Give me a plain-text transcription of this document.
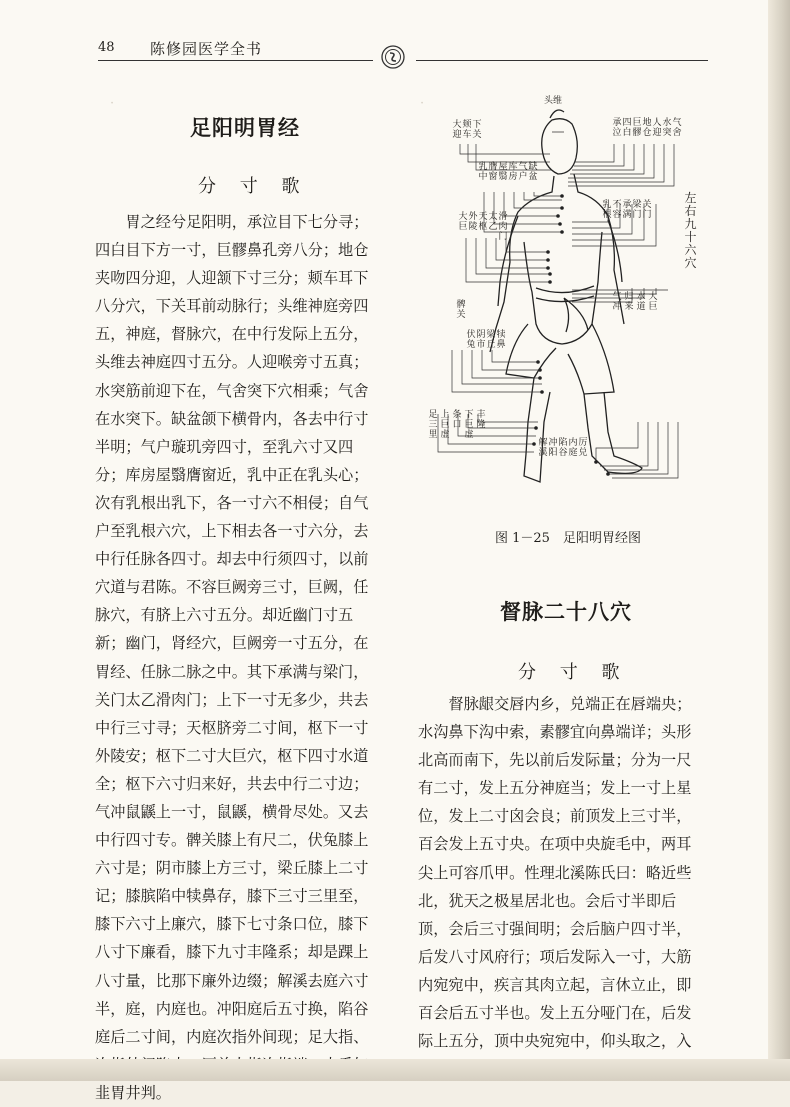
48 陈修园医学全书
·	·
足阳明胃经
分 寸 歌

胃之经兮足阳明，承泣目下七分寻；

四白目下方一寸，巨髎鼻孔旁八分；地仓

夹吻四分迎，人迎颔下寸三分；颊车耳下

八分穴，下关耳前动脉行；头维神庭旁四

五，神庭，督脉穴，在中行发际上五分，

头维去神庭四寸五分。人迎喉旁寸五真；

水突筋前迎下在，气舍突下穴相乘；气舍

在水突下。缺盆颌下横骨内，各去中行寸

半明；气户璇玑旁四寸，至乳六寸又四

分；库房屋翳膺窗近，乳中正在乳头心；

次有乳根出乳下，各一寸六不相侵；自气

户至乳根六穴，上下相去各一寸六分，去

中行任脉各四寸。却去中行须四寸，以前

穴道与君陈。不容巨阙旁三寸，巨阙，任

脉穴，有脐上六寸五分。却近幽门寸五

新；幽门，肾经穴，巨阙旁一寸五分，在

胃经、任脉二脉之中。其下承满与梁门，

关门太乙滑肉门；上下一寸无多少，共去

中行三寸寻；天枢脐旁二寸间，枢下一寸

外陵安；枢下二寸大巨穴，枢下四寸水道

全；枢下六寸归来好，共去中行二寸边；

气冲鼠鼷上一寸，鼠鼷，横骨尽处。又去

中行四寸专。髀关膝上有尺二，伏兔膝上

六寸是；阴市膝上方三寸，梁丘膝上二寸

记；膝膑陷中犊鼻存，膝下三寸三里至，

膝下六寸上廉穴，膝下七寸条口位，膝下

八寸下廉看，膝下九寸丰隆系；却是踝上

八寸量，比那下廉外边缀；解溪去庭六寸

半，庭，内庭也。冲阳庭后五寸换，陷谷

庭后二寸间，内庭次指外间现；足大指、

韭胃井判。

头维
大迎
颊车
下关
乳中
膺窗
屋翳
库房
气户
缺盆
大巨
外陵
天枢
太乙
滑肉门
髀关
伏兔
阴市
梁丘
犊鼻
足三里
上巨虚
条口
下巨虚
丰隆
承泣
四白
巨髎
地仓
人迎
水突
气舍
乳根
不容
承满
梁门
关门
左右九十六穴
气冲
归来
水道
大巨
解溪
冲阳
陷谷
内庭
厉兑
图 1－25　足阳明胃经图
督脉二十八穴
分 寸 歌

督脉龈交唇内乡，兑端正在唇端央；

水沟鼻下沟中索，素髎宜向鼻端详；头形

北高而南下，先以前后发际量；分为一尺

有二寸，发上五分神庭当；发上一寸上星

位，发上二寸囟会良；前顶发上三寸半，

百会发上五寸央。在项中央旋毛中，两耳

尖上可容爪甲。性理北溪陈氏曰：略近些

北，犹天之极星居北也。会后寸半即后

顶，会后三寸强间明；会后脑户四寸半，

后发八寸风府行；项后发际入一寸，大筋

内宛宛中，疾言其肉立起，言休立止，即

百会后五寸半也。发上五分哑门在，后发

际上五分，顶中央宛宛中，仰头取之，入
